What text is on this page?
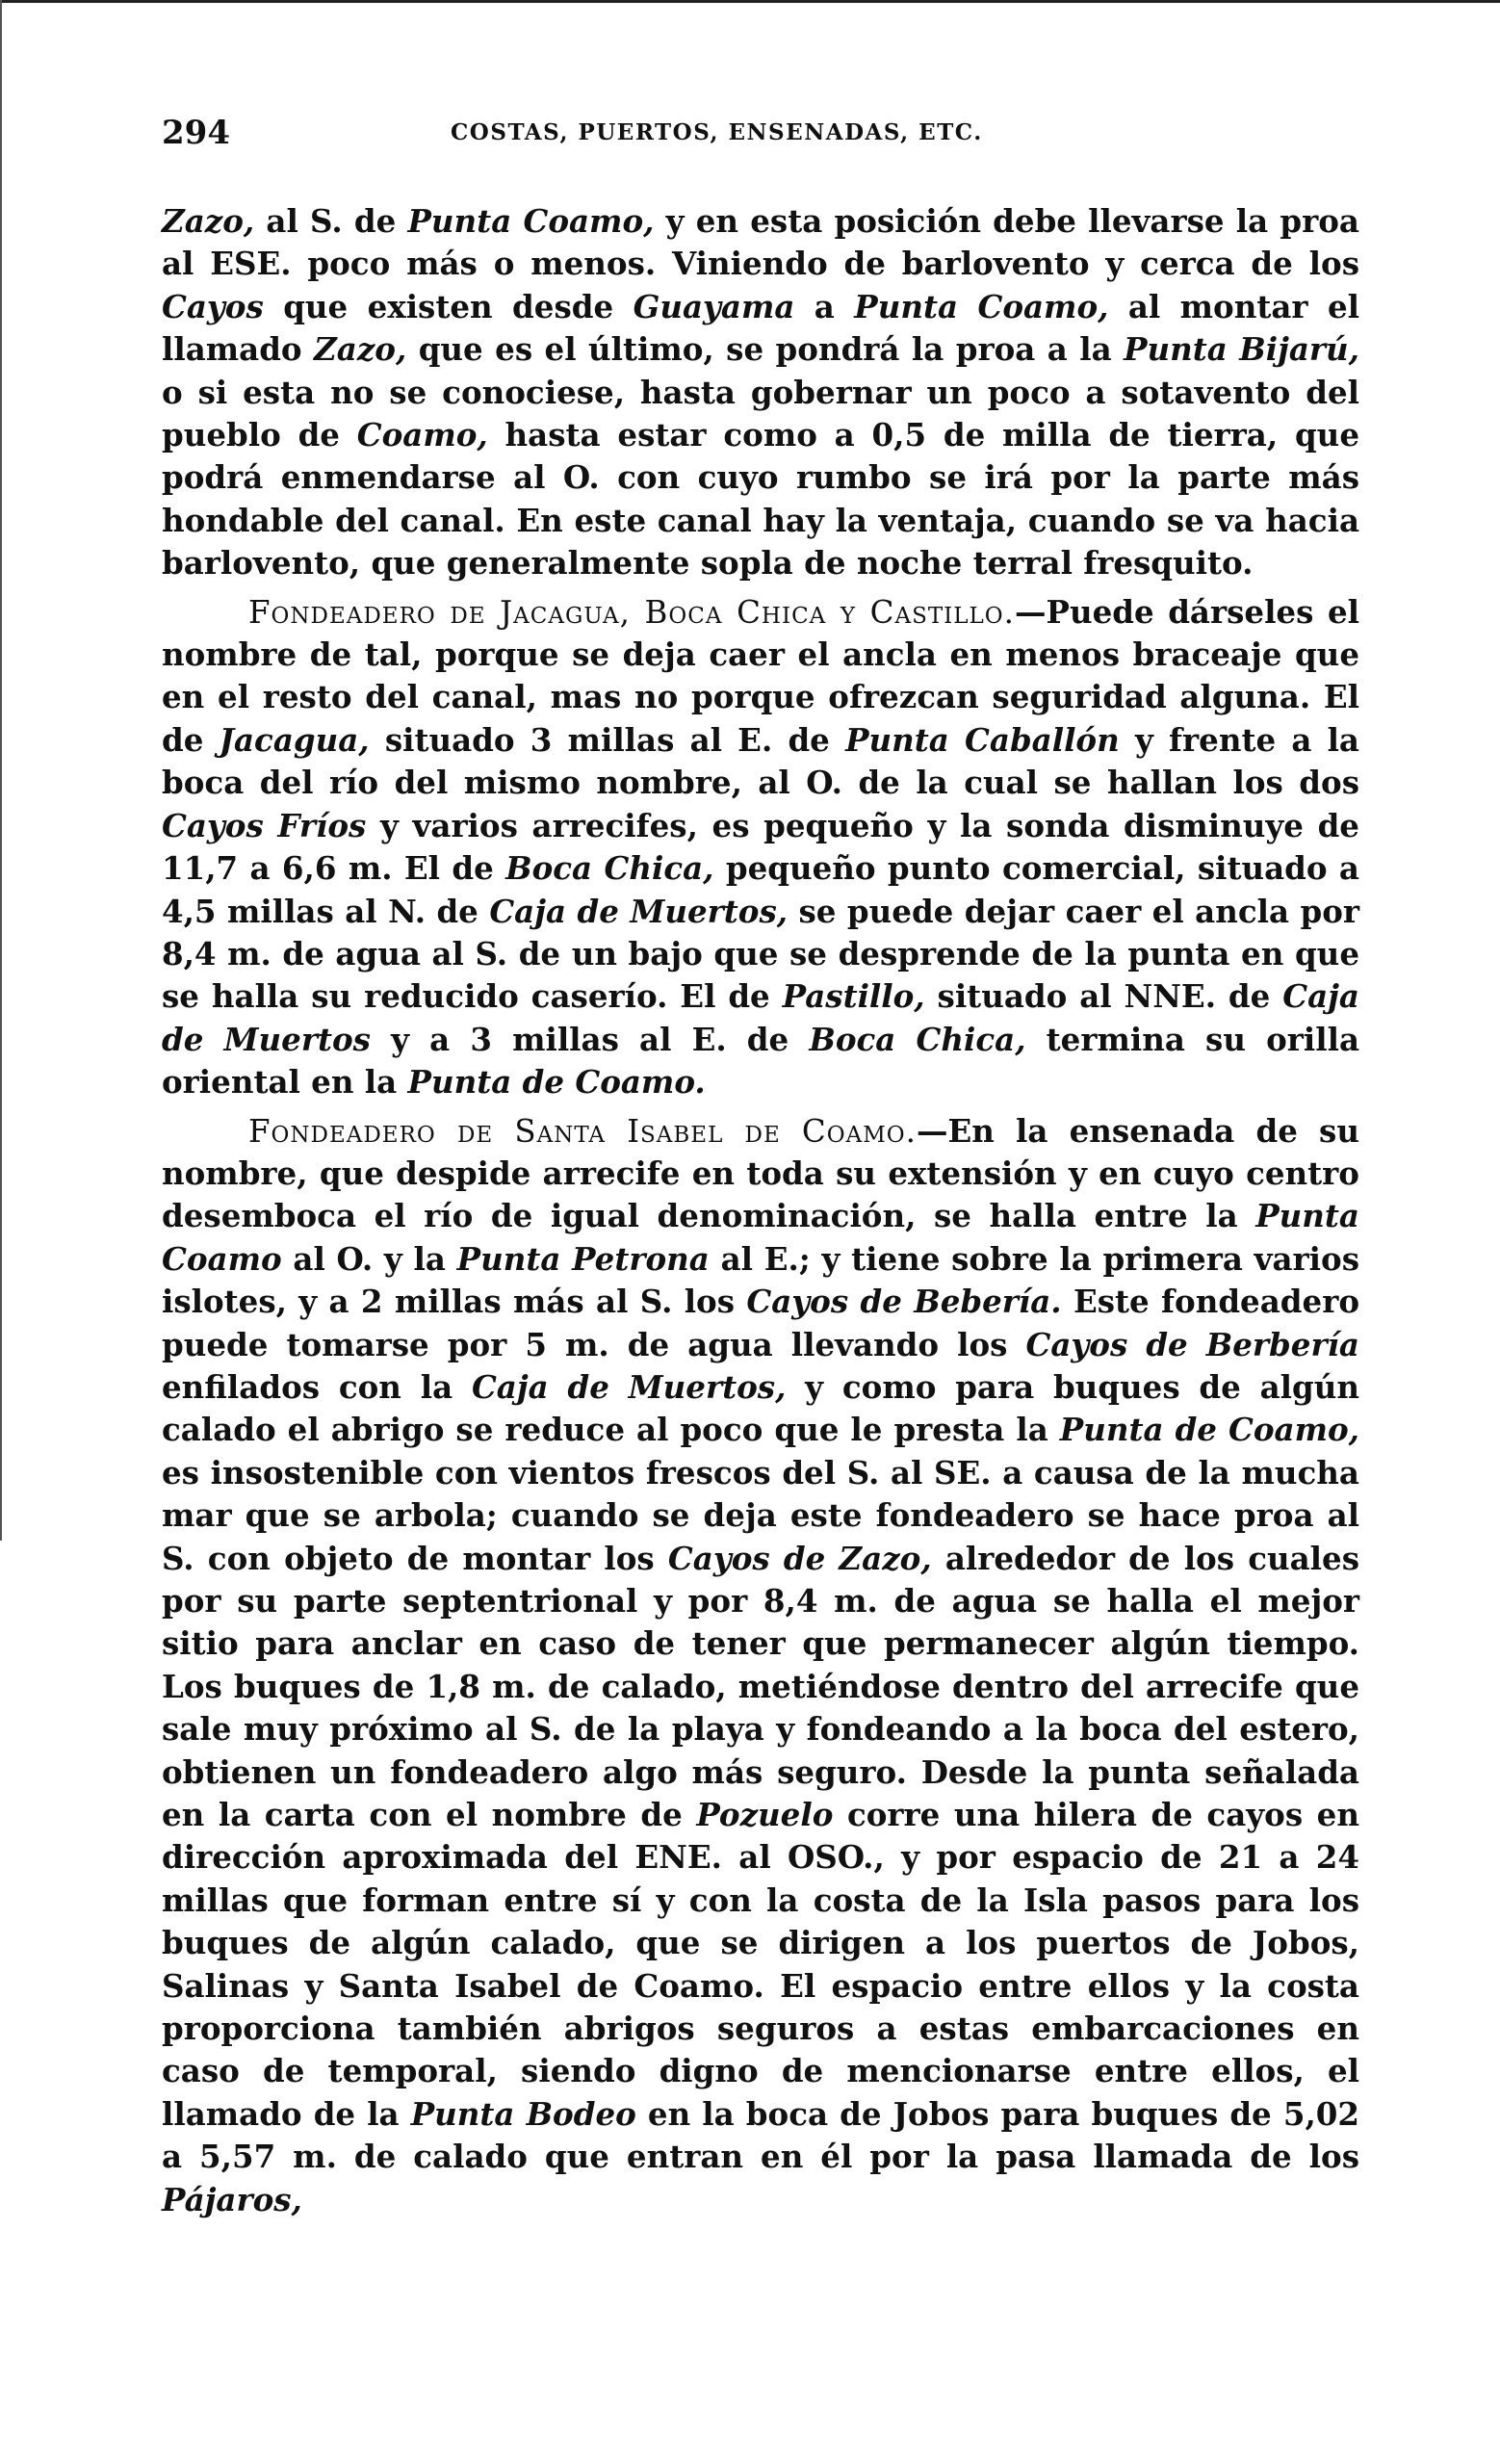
294	COSTAS, PUERTOS, ENSENADAS, ETC.

Zazo, al S. de Punta Coamo, y en esta posición debe llevarse la proa al ESE. poco más o menos. Viniendo de barlovento y cerca de los Cayos que existen desde Guayama a Punta Coamo, al montar el llamado Zazo, que es el último, se pondrá la proa a la Punta Bijarú, o si esta no se conociese, hasta gobernar un poco a sotavento del pueblo de Coamo, hasta estar como a 0,5 de milla de tierra, que podrá enmendarse al O. con cuyo rumbo se irá por la parte más hondable del canal. En este canal hay la ventaja, cuando se va hacia barlovento, que generalmente sopla de noche terral fresquito.

Fondeadero de Jacagua, Boca Chica y Castillo.—Puede dárseles el nombre de tal, porque se deja caer el ancla en menos braceaje que en el resto del canal, mas no porque ofrezcan seguridad alguna. El de Jacagua, situado 3 millas al E. de Punta Caballón y frente a la boca del río del mismo nombre, al O. de la cual se hallan los dos Cayos Fríos y varios arrecifes, es pequeño y la sonda disminuye de 11,7 a 6,6 m. El de Boca Chica, pequeño punto comercial, situado a 4,5 millas al N. de Caja de Muertos, se puede dejar caer el ancla por 8,4 m. de agua al S. de un bajo que se desprende de la punta en que se halla su reducido caserío. El de Pastillo, situado al NNE. de Caja de Muertos y a 3 millas al E. de Boca Chica, termina su orilla oriental en la Punta de Coamo.

Fondeadero de Santa Isabel de Coamo.—En la ensenada de su nombre, que despide arrecife en toda su extensión y en cuyo centro desemboca el río de igual denominación, se halla entre la Punta Coamo al O. y la Punta Petrona al E.; y tiene sobre la primera varios islotes, y a 2 millas más al S. los Cayos de Bebería. Este fondeadero puede tomarse por 5 m. de agua llevando los Cayos de Berbería enfilados con la Caja de Muertos, y como para buques de algún calado el abrigo se reduce al poco que le presta la Punta de Coamo, es insostenible con vientos frescos del S. al SE. a causa de la mucha mar que se arbola; cuando se deja este fondeadero se hace proa al S. con objeto de montar los Cayos de Zazo, alrededor de los cuales por su parte septentrional y por 8,4 m. de agua se halla el mejor sitio para anclar en caso de tener que permanecer algún tiempo. Los buques de 1,8 m. de calado, metiéndose dentro del arrecife que sale muy próximo al S. de la playa y fondeando a la boca del estero, obtienen un fondeadero algo más seguro. Desde la punta señalada en la carta con el nombre de Pozuelo corre una hilera de cayos en dirección aproximada del ENE. al OSO., y por espacio de 21 a 24 millas que forman entre sí y con la costa de la Isla pasos para los buques de algún calado, que se dirigen a los puertos de Jobos, Salinas y Santa Isabel de Coamo. El espacio entre ellos y la costa proporciona también abrigos seguros a estas embarcaciones en caso de temporal, siendo digno de mencionarse entre ellos, el llamado de la Punta Bodeo en la boca de Jobos para buques de 5,02 a 5,57 m. de calado que entran en él por la pasa llamada de los Pájaros,
